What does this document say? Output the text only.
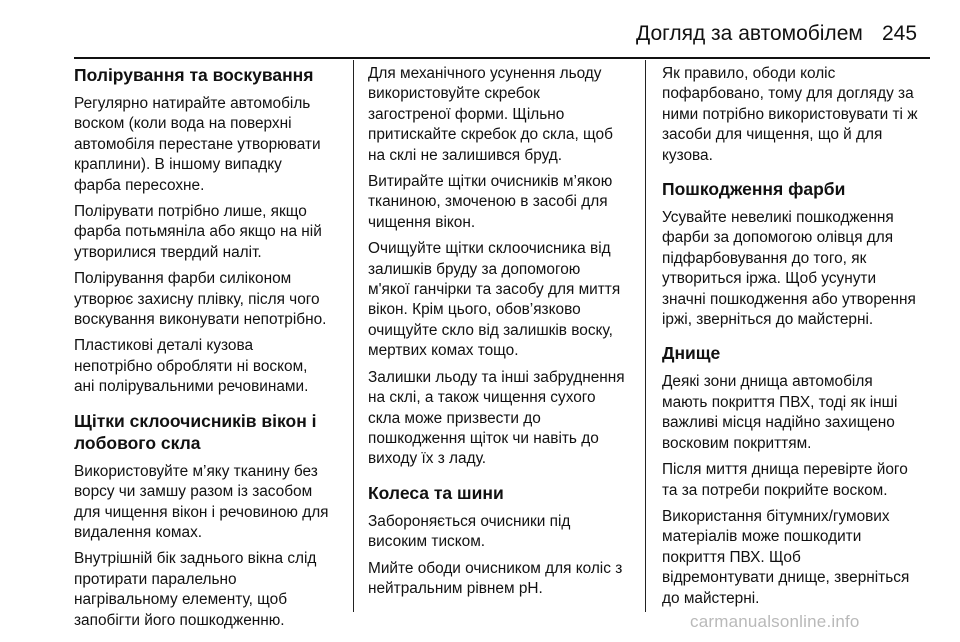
Догляд за автомобілем 245
Полірування та воскування

Регулярно натирайте автомобіль
воском (коли вода на поверхні
автомобіля перестане утворювати
краплини). В іншому випадку
фарба пересохне.

Полірувати потрібно лише, якщо
фарба потьмяніла або якщо на ній
утворилися твердий наліт.

Полірування фарби силіконом
утворює захисну плівку, після чого
воскування виконувати непотрібно.

Пластикові деталі кузова
непотрібно обробляти ні воском,
ані полірувальними речовинами.

Щітки склоочисників вікон і
лобового скла

Використовуйте м’яку тканину без
ворсу чи замшу разом із засобом
для чищення вікон і речовиною для
видалення комах.

Внутрішній бік заднього вікна слід
протирати паралельно
нагрівальному елементу, щоб
запобігти його пошкодженню.

Для механічного усунення льоду
використовуйте скребок
загостреної форми. Щільно
притискайте скребок до скла, щоб
на склі не залишився бруд.

Витирайте щітки очисників м’якою
тканиною, змоченою в засобі для
чищення вікон.

Очищуйте щітки склоочисника від
залишків бруду за допомогою
м'якої ганчірки та засобу для миття
вікон. Крім цього, обов’язково
очищуйте скло від залишків воску,
мертвих комах тощо.

Залишки льоду та інші забруднення
на склі, а також чищення сухого
скла може призвести до
пошкодження щіток чи навіть до
виходу їх з ладу.

Колеса та шини

Забороняється очисники під
високим тиском.

Мийте ободи очисником для коліс з
нейтральним рівнем pH.

Як правило, ободи коліс
пофарбовано, тому для догляду за
ними потрібно використовувати ті ж
засоби для чищення, що й для
кузова.

Пошкодження фарби

Усувайте невеликі пошкодження
фарби за допомогою олівця для
підфарбовування до того, як
утвориться іржа. Щоб усунути
значні пошкодження або утворення
іржі, зверніться до майстерні.

Днище

Деякі зони днища автомобіля
мають покриття ПВХ, тоді як інші
важливі місця надійно захищено
восковим покриттям.

Після миття днища перевірте його
та за потреби покрийте воском.

Використання бітумних/гумових
матеріалів може пошкодити
покриття ПВХ. Щоб
відремонтувати днище, зверніться
до майстерні.

carmanualsonline.info
